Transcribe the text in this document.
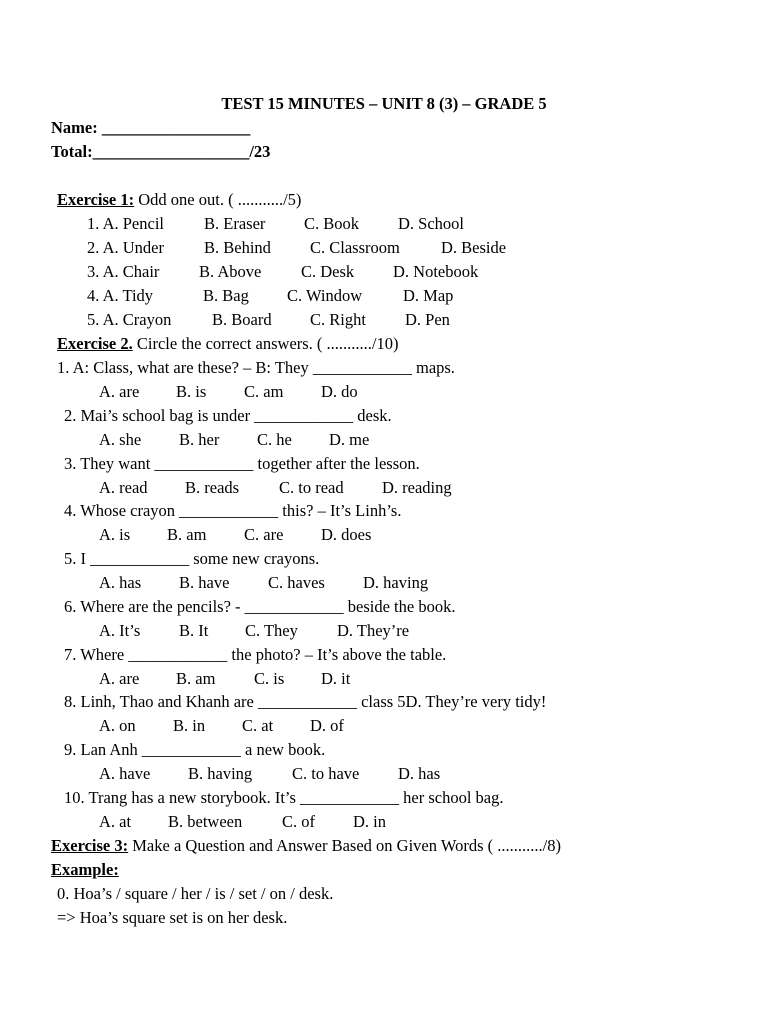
TEST 15 MINUTES – UNIT 8 (3) – GRADE 5
Name: __________________
Total:___________________/23
Exercise 1: Odd one out. ( .........../5)
1. A. Pencil B. Eraser C. Book D. School
2. A. Under B. Behind C. Classroom D. Beside
3. A. Chair B. Above C. Desk D. Notebook
4. A. Tidy	B. Bag C. Window D. Map
5. A. Crayon B. Board C. Right D. Pen
Exercise 2. Circle the correct answers. ( .........../10)
1. A: Class, what are these? – B: They ____________ maps.
A. are B. is C. am D. do
2. Mai’s school bag is under ____________ desk.
A. she B. her C. he D. me
3. They want ____________ together after the lesson.
A. read B. reads C. to read D. reading
4. Whose crayon ____________ this? – It’s Linh’s.
A. is B. am C. are D. does
5. I ____________ some new crayons.
A. has B. have C. haves D. having
6. Where are the pencils? - ____________ beside the book.
A. It’s B. It C. They D. They’re
7. Where ____________ the photo? – It’s above the table.
A. are B. am C. is D. it
8. Linh, Thao and Khanh are ____________ class 5D. They’re very tidy!
A. on B. in C. at D. of
9. Lan Anh ____________ a new book.
A. have B. having C. to have D. has
10. Trang has a new storybook. It’s ____________ her school bag.
A. at B. between C. of D. in
Exercise 3: Make a Question and Answer Based on Given Words ( .........../8)
Example:
0. Hoa’s / square / her / is / set / on / desk.
=> Hoa’s square set is on her desk.
